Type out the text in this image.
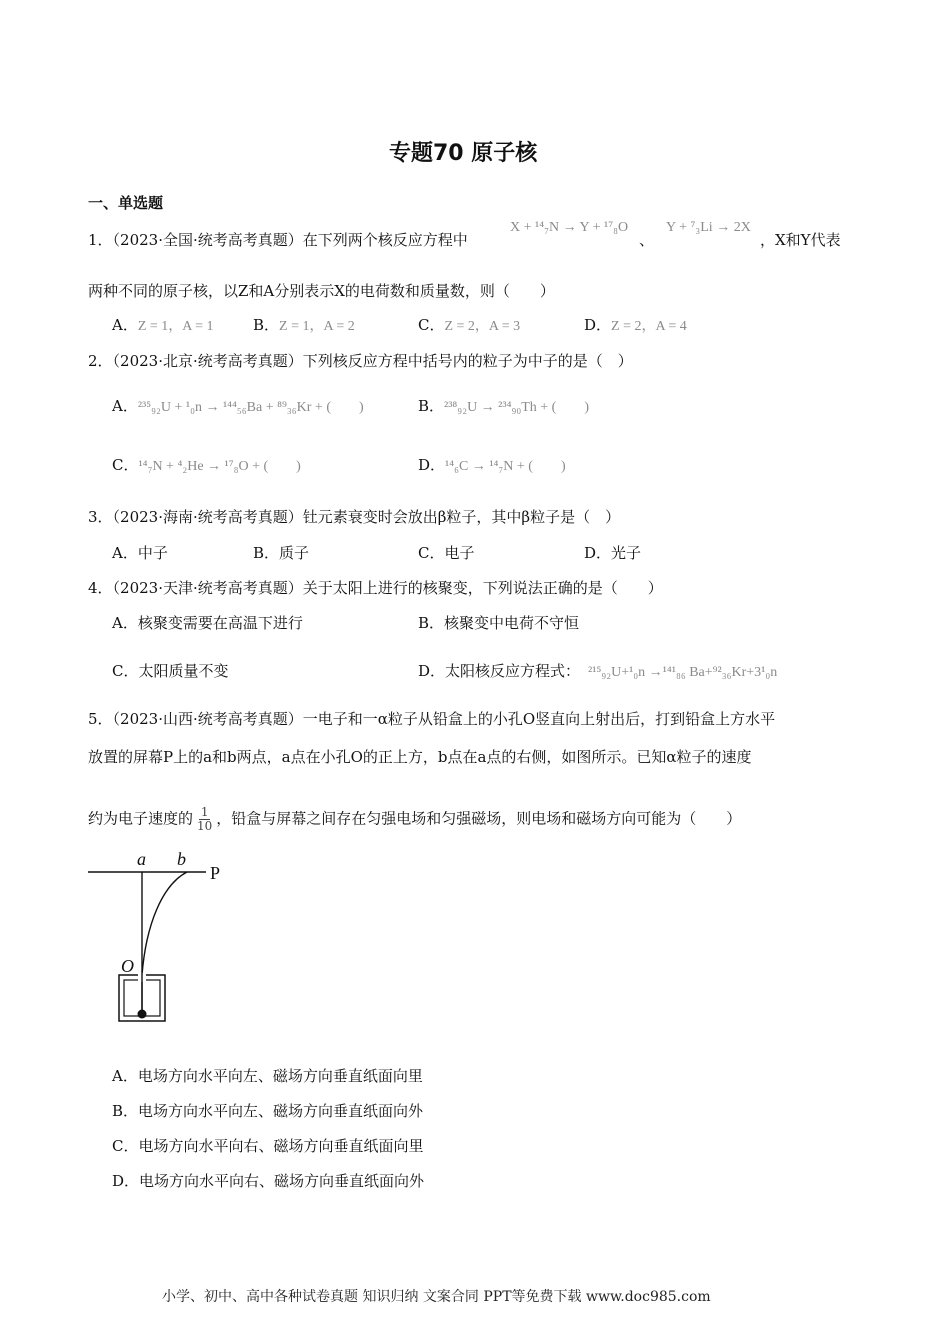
专题70 原子核
一、单选题
1．（2023·全国·统考高考真题）在下列两个核反应方程中
X + ¹⁴₇N → Y + ¹⁷₈O
、
Y + ⁷₃Li → 2X
，X和Y代表
两种不同的原子核，以Z和A分别表示X的电荷数和质量数，则（　　）
A．Z = 1，A = 1	B．Z = 1，A = 2	C．Z = 2，A = 3	D．Z = 2，A = 4
2．（2023·北京·统考高考真题）下列核反应方程中括号内的粒子为中子的是（　）
A．²³⁵₉₂U + ¹₀n → ¹⁴⁴₅₆Ba + ⁸⁹₃₆Kr + (　　)	B．²³⁸₉₂U → ²³⁴₉₀Th + (　　)
C．¹⁴₇N + ⁴₂He → ¹⁷₈O + (　　)	D．¹⁴₆C → ¹⁴₇N + (　　)
3．（2023·海南·统考高考真题）钍元素衰变时会放出β粒子，其中β粒子是（　）
A．中子	B．质子	C．电子	D．光子
4．（2023·天津·统考高考真题）关于太阳上进行的核聚变，下列说法正确的是（　　）
A．核聚变需要在高温下进行	B．核聚变中电荷不守恒
C．太阳质量不变	D．太阳核反应方程式： ²¹⁵₉₂U+¹₀n →¹⁴¹₈₆ Ba+⁹²₃₆Kr+3¹₀n
5．（2023·山西·统考高考真题）一电子和一α粒子从铅盒上的小孔O竖直向上射出后，打到铅盒上方水平
放置的屏幕P上的a和b两点，a点在小孔O的正上方，b点在a点的右侧，如图所示。已知α粒子的速度
约为电子速度的 $\frac{1}{10}$ ，铅盒与屏幕之间存在匀强电场和匀强磁场，则电场和磁场方向可能为（　　）
a b
P
O
A．电场方向水平向左、磁场方向垂直纸面向里
B．电场方向水平向左、磁场方向垂直纸面向外
C．电场方向水平向右、磁场方向垂直纸面向里
D．电场方向水平向右、磁场方向垂直纸面向外
小学、初中、高中各种试卷真题 知识归纳 文案合同 PPT等免费下载 www.doc985.com
